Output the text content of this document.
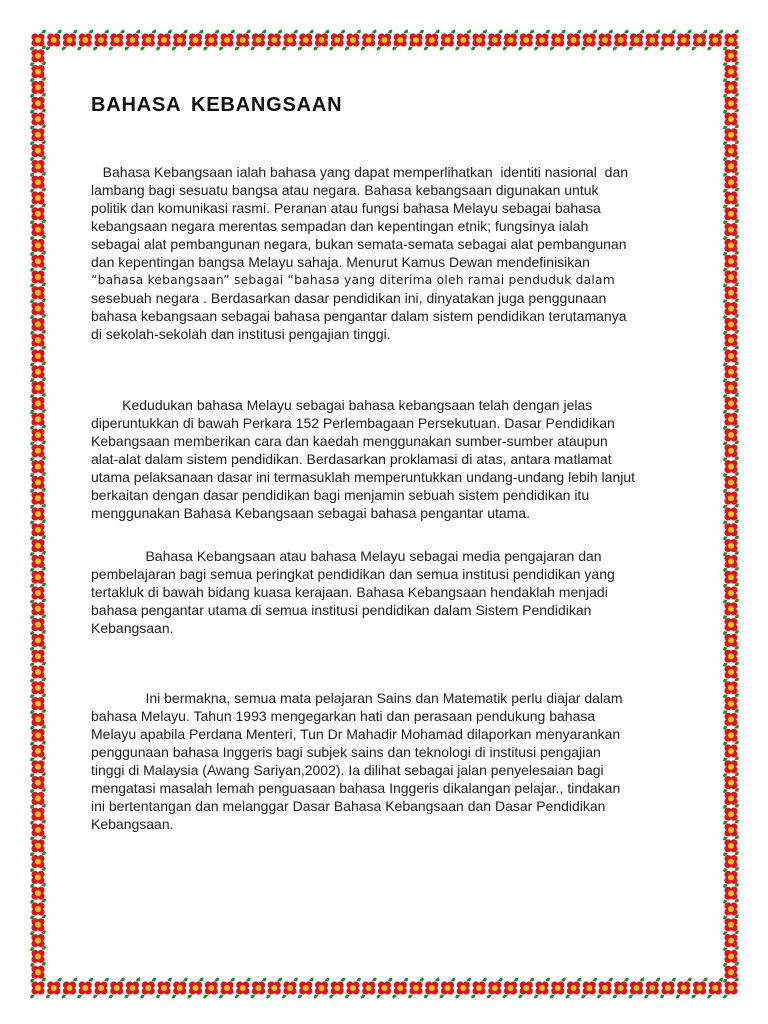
BAHASA KEBANGSAAN

Bahasa Kebangsaan ialah bahasa yang dapat memperlihatkan  identiti nasional  dan
lambang bagi sesuatu bangsa atau negara. Bahasa kebangsaan digunakan untuk
politik dan komunikasi rasmi. Peranan atau fungsi bahasa Melayu sebagai bahasa
kebangsaan negara merentas sempadan dan kepentingan etnik; fungsinya ialah
sebagai alat pembangunan negara, bukan semata-semata sebagai alat pembangunan
dan kepentingan bangsa Melayu sahaja. Menurut Kamus Dewan mendefinisikan

“bahasa kebangsaan” sebagai “bahasa yang diterima oleh ramai penduduk dalam
sesebuah negara . Berdasarkan dasar pendidikan ini, dinyatakan juga penggunaan
bahasa kebangsaan sebagai bahasa pengantar dalam sistem pendidikan terutamanya
di sekolah-sekolah dan institusi pengajian tinggi.

Kedudukan bahasa Melayu sebagai bahasa kebangsaan telah dengan jelas
diperuntukkan di bawah Perkara 152 Perlembagaan Persekutuan. Dasar Pendidikan
Kebangsaan memberikan cara dan kaedah menggunakan sumber-sumber ataupun
alat-alat dalam sistem pendidikan. Berdasarkan proklamasi di atas, antara matlamat
utama pelaksanaan dasar ini termasuklah memperuntukkan undang-undang lebih lanjut
berkaitan dengan dasar pendidikan bagi menjamin sebuah sistem pendidikan itu
menggunakan Bahasa Kebangsaan sebagai bahasa pengantar utama.

Bahasa Kebangsaan atau bahasa Melayu sebagai media pengajaran dan
pembelajaran bagi semua peringkat pendidikan dan semua institusi pendidikan yang
tertakluk di bawah bidang kuasa kerajaan. Bahasa Kebangsaan hendaklah menjadi
bahasa pengantar utama di semua institusi pendidikan dalam Sistem Pendidikan
Kebangsaan.

Ini bermakna, semua mata pelajaran Sains dan Matematik perlu diajar dalam
bahasa Melayu. Tahun 1993 mengegarkan hati dan perasaan pendukung bahasa
Melayu apabila Perdana Menteri, Tun Dr Mahadir Mohamad dilaporkan menyarankan
penggunaan bahasa Inggeris bagi subjek sains dan teknologi di institusi pengajian
tinggi di Malaysia (Awang Sariyan,2002). Ia dilihat sebagai jalan penyelesaian bagi
mengatasi masalah lemah penguasaan bahasa Inggeris dikalangan pelajar., tindakan
ini bertentangan dan melanggar Dasar Bahasa Kebangsaan dan Dasar Pendidikan
Kebangsaan.
